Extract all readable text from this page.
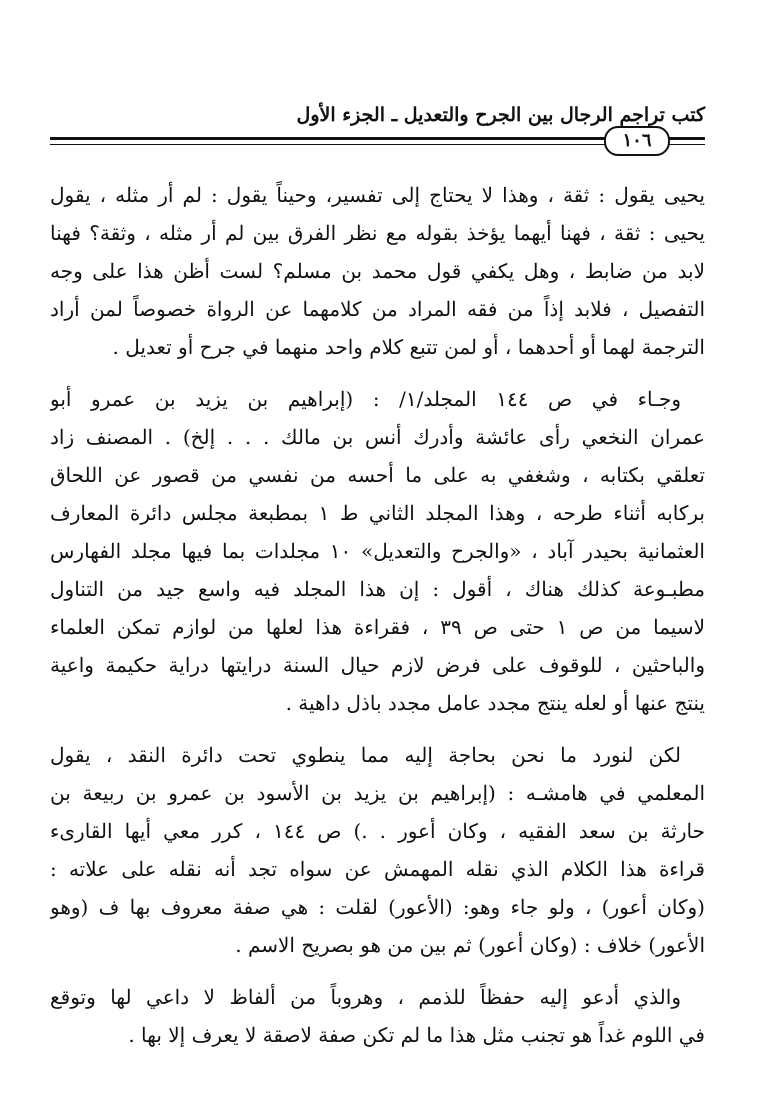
كتب تراجم الرجال بين الجرح والتعديل ـ الجزء الأول
١٠٦
يحيى يقول : ثقة ، وهذا لا يحتاج إلى تفسير، وحيناً يقول : لم أر مثله ، يقول
يحيى : ثقة ، فهنا أيهما يؤخذ بقوله مع نظر الفرق بين لم أر مثله ، وثقة؟ فهنا
لابد من ضابط ، وهل يكفي قول محمد بن مسلم؟ لست أظن هذا على وجه
التفصيل ، فلابد إذاً من فقه المراد من كلامهما عن الرواة خصوصاً لمن أراد
الترجمة لهما أو أحدهما ، أو لمن تتبع كلام واحد منهما في جرح أو تعديل .
وجـاء في ص ١٤٤ المجلد/١/ : (إبراهيم بن يزيد بن عمرو أبو
عمران النخعي رأى عائشة وأدرك أنس بن مالك . . . إلخ) . المصنف زاد
تعلقي بكتابه ، وشغفي به على ما أحسه من نفسي من قصور عن اللحاق
بركابه أثناء طرحه ، وهذا المجلد الثاني ط ١ بمطبعة مجلس دائرة المعارف
العثمانية بحيدر آباد ، «والجرح والتعديل» ١٠ مجلدات بما فيها مجلد الفهارس
مطبـوعة كذلك هناك ، أقول : إن هذا المجلد فيه واسع جيد من التناول
لاسيما من ص ١ حتى ص ٣٩ ، فقراءة هذا لعلها من لوازم تمكن العلماء
والباحثين ، للوقوف على فرض لازم حيال السنة درايتها دراية حكيمة واعية
ينتج عنها أو لعله ينتج مجدد عامل مجدد باذل داهية .
لكن لنورد ما نحن بحاجة إليه مما ينطوي تحت دائرة النقد ، يقول
المعلمي في هامشـه : (إبراهيم بن يزيد بن الأسود بن عمرو بن ربيعة بن
حارثة بن سعد الفقيه ، وكان أعور . .) ص ١٤٤ ، كرر معي أيها القارىء
قراءة هذا الكلام الذي نقله المهمش عن سواه تجد أنه نقله على علاته :
(وكان أعور) ، ولو جاء وهو: (الأعور) لقلت : هي صفة معروف بها ف (وهو
الأعور) خلاف : (وكان أعور) ثم بين من هو بصريح الاسم .
والذي أدعو إليه حفظاً للذمم ، وهروباً من ألفاظ لا داعي لها وتوقع
في اللوم غداً هو تجنب مثل هذا ما لم تكن صفة لاصقة لا يعرف إلا بها .
